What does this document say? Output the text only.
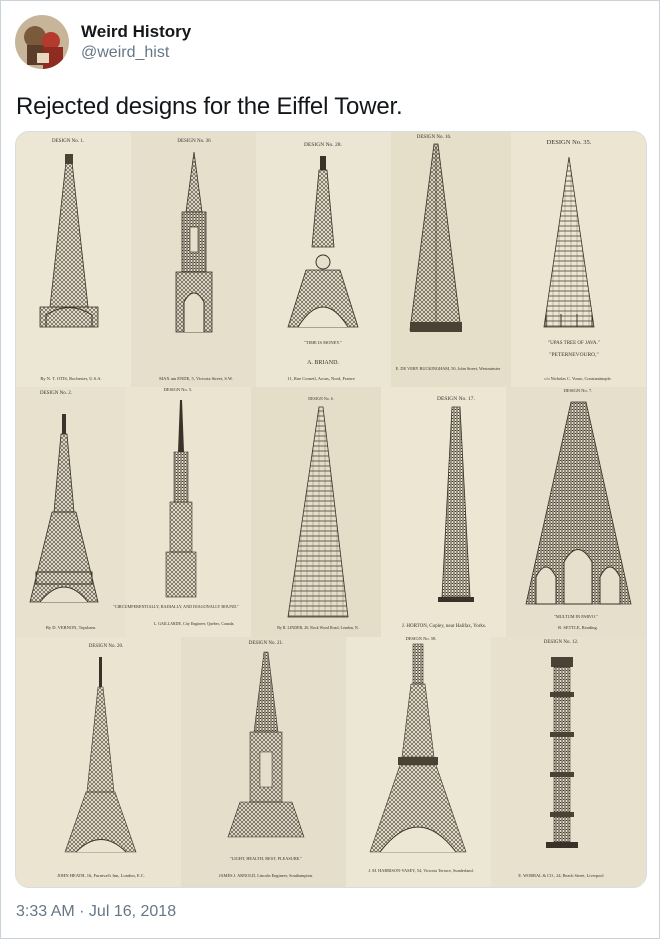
Weird History
@weird_hist
Rejected designs for the Eiffel Tower.
DESIGN No. 1.	DESIGN No. 36
DESIGN No. 28.
DESIGN No. 16.
DESIGN No. 35.
"TIME IS MONEY."
A. BRIAND.
"UPAS TREE OF JAVA."
"PETERNEVOURO,"
By N. T. OTIS, Rochester, U.S.A.	MAX am ENDE, 5, Victoria Street, S.W.	11, Rue Corneil, Arous, Nord, France
E. DE VERY BUCKINGHAM, 50, John Street, Westminster
c/o Nicholas C. Vouro, Constantinople.
DESIGN No. 2.
DESIGN No. 5.
DESIGN No. 6.	DESIGN No. 17.
DESIGN No. 7.
"CIRCUMFERENTIALLY, RADIALLY, AND DIAGONALLY BOUND."
"MULTUM IN PARVO."
By D. VERNON, Topsham.
L. GAILLARDE, City Engineer, Quebec, Canada.
By R. LINDER, 20, Rock Wood Road, London, N.	J. HORTON, Copley, near Halifax, Yorks.	R. SETTLE, Reading.
DESIGN No. 20.
DESIGN No. 21.
DESIGN No. 58.
DESIGN No. 12.
"LIGHT, HEALTH, REST, PLEASURE."
JOHN HEATH, 16, Furnival's Inn, London, E.C.	JAMES J. ARNOLD, Lincoln Engineer, Southampton.
J. M. HARRISON-VASEY, 54, Victoria Terrace, Sunderland.
E. WORRAL & CO., 24, Beach Street, Liverpool
3:33 AM · Jul 16, 2018
